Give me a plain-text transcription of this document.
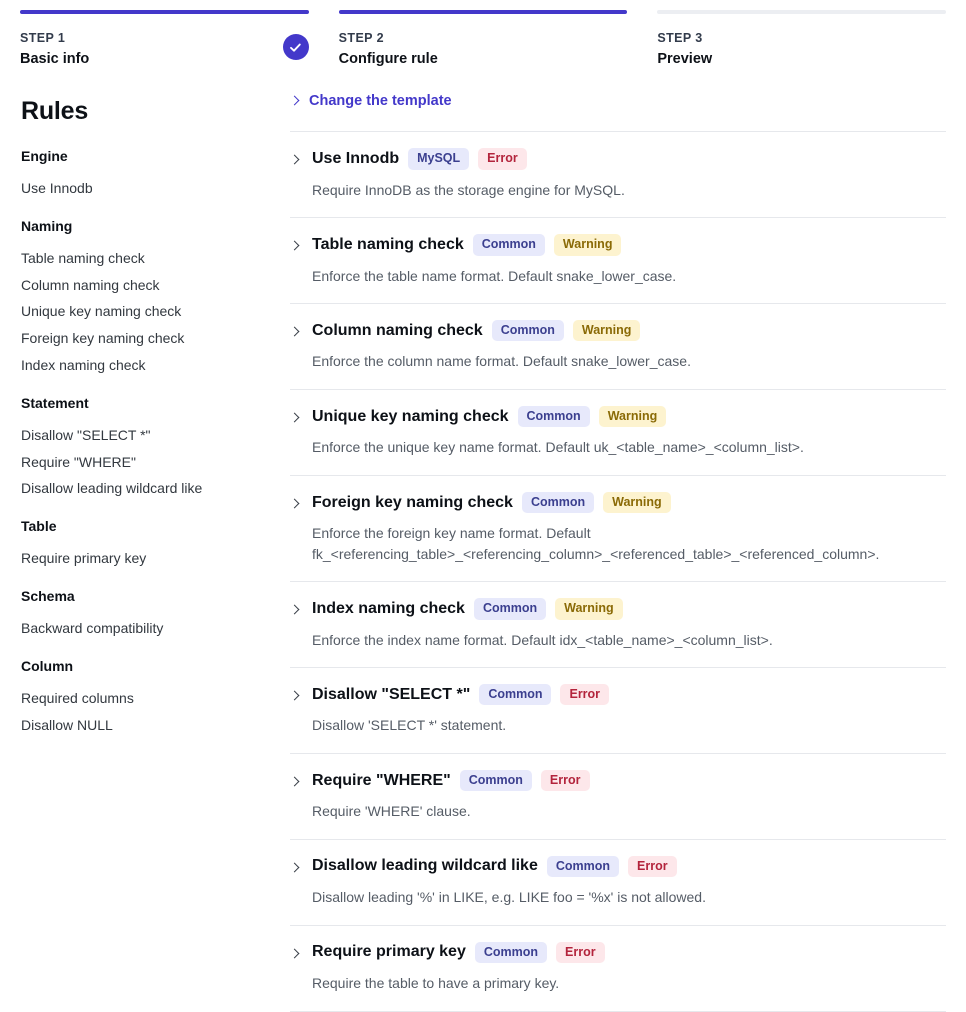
STEP 1
Basic info
STEP 2
Configure rule
STEP 3
Preview
Rules
Engine
Use Innodb
Naming
Table naming check
Column naming check
Unique key naming check
Foreign key naming check
Index naming check
Statement
Disallow "SELECT *"
Require "WHERE"
Disallow leading wildcard like
Table
Require primary key
Schema
Backward compatibility
Column
Required columns
Disallow NULL
Change the template
Use Innodb	MySQL	Error
Require InnoDB as the storage engine for MySQL.
Table naming check	Common	Warning
Enforce the table name format. Default snake_lower_case.
Column naming check	Common	Warning
Enforce the column name format. Default snake_lower_case.
Unique key naming check	Common	Warning
Enforce the unique key name format. Default uk_<table_name>_<column_list>.
Foreign key naming check	Common	Warning
Enforce the foreign key name format. Default fk_<referencing_table>_<referencing_column>_<referenced_table>_<referenced_column>.
Index naming check	Common	Warning
Enforce the index name format. Default idx_<table_name>_<column_list>.
Disallow "SELECT *"	Common	Error
Disallow 'SELECT *' statement.
Require "WHERE"	Common	Error
Require 'WHERE' clause.
Disallow leading wildcard like	Common	Error
Disallow leading '%' in LIKE, e.g. LIKE foo = '%x' is not allowed.
Require primary key	Common	Error
Require the table to have a primary key.
